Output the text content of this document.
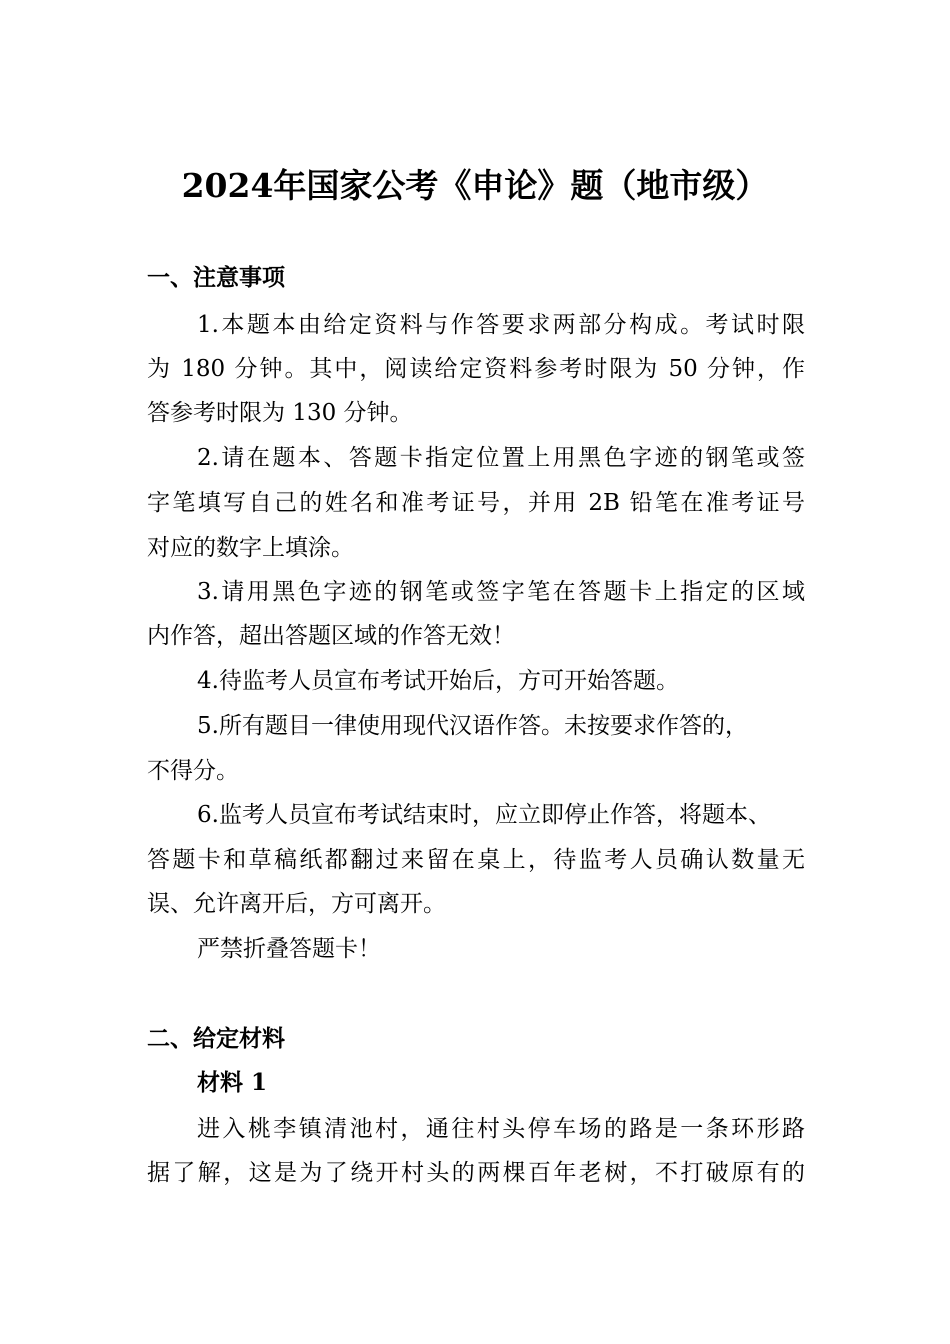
2024年国家公考《申论》题（地市级）
一、注意事项
1.本题本由给定资料与作答要求两部分构成。考试时限
为 180 分钟。其中，阅读给定资料参考时限为 50 分钟，作
答参考时限为 130 分钟。
2.请在题本、答题卡指定位置上用黑色字迹的钢笔或签
字笔填写自己的姓名和准考证号，并用 2B 铅笔在准考证号
对应的数字上填涂。
3.请用黑色字迹的钢笔或签字笔在答题卡上指定的区域
内作答，超出答题区域的作答无效！
4.待监考人员宣布考试开始后，方可开始答题。
5.所有题目一律使用现代汉语作答。未按要求作答的，
不得分。
6.监考人员宣布考试结束时，应立即停止作答，将题本、
答题卡和草稿纸都翻过来留在桌上，待监考人员确认数量无
误、允许离开后，方可离开。
严禁折叠答题卡！
二、给定材料
材料 1
进入桃李镇清池村，通往村头停车场的路是一条环形路
据了解，这是为了绕开村头的两棵百年老树，不打破原有的
